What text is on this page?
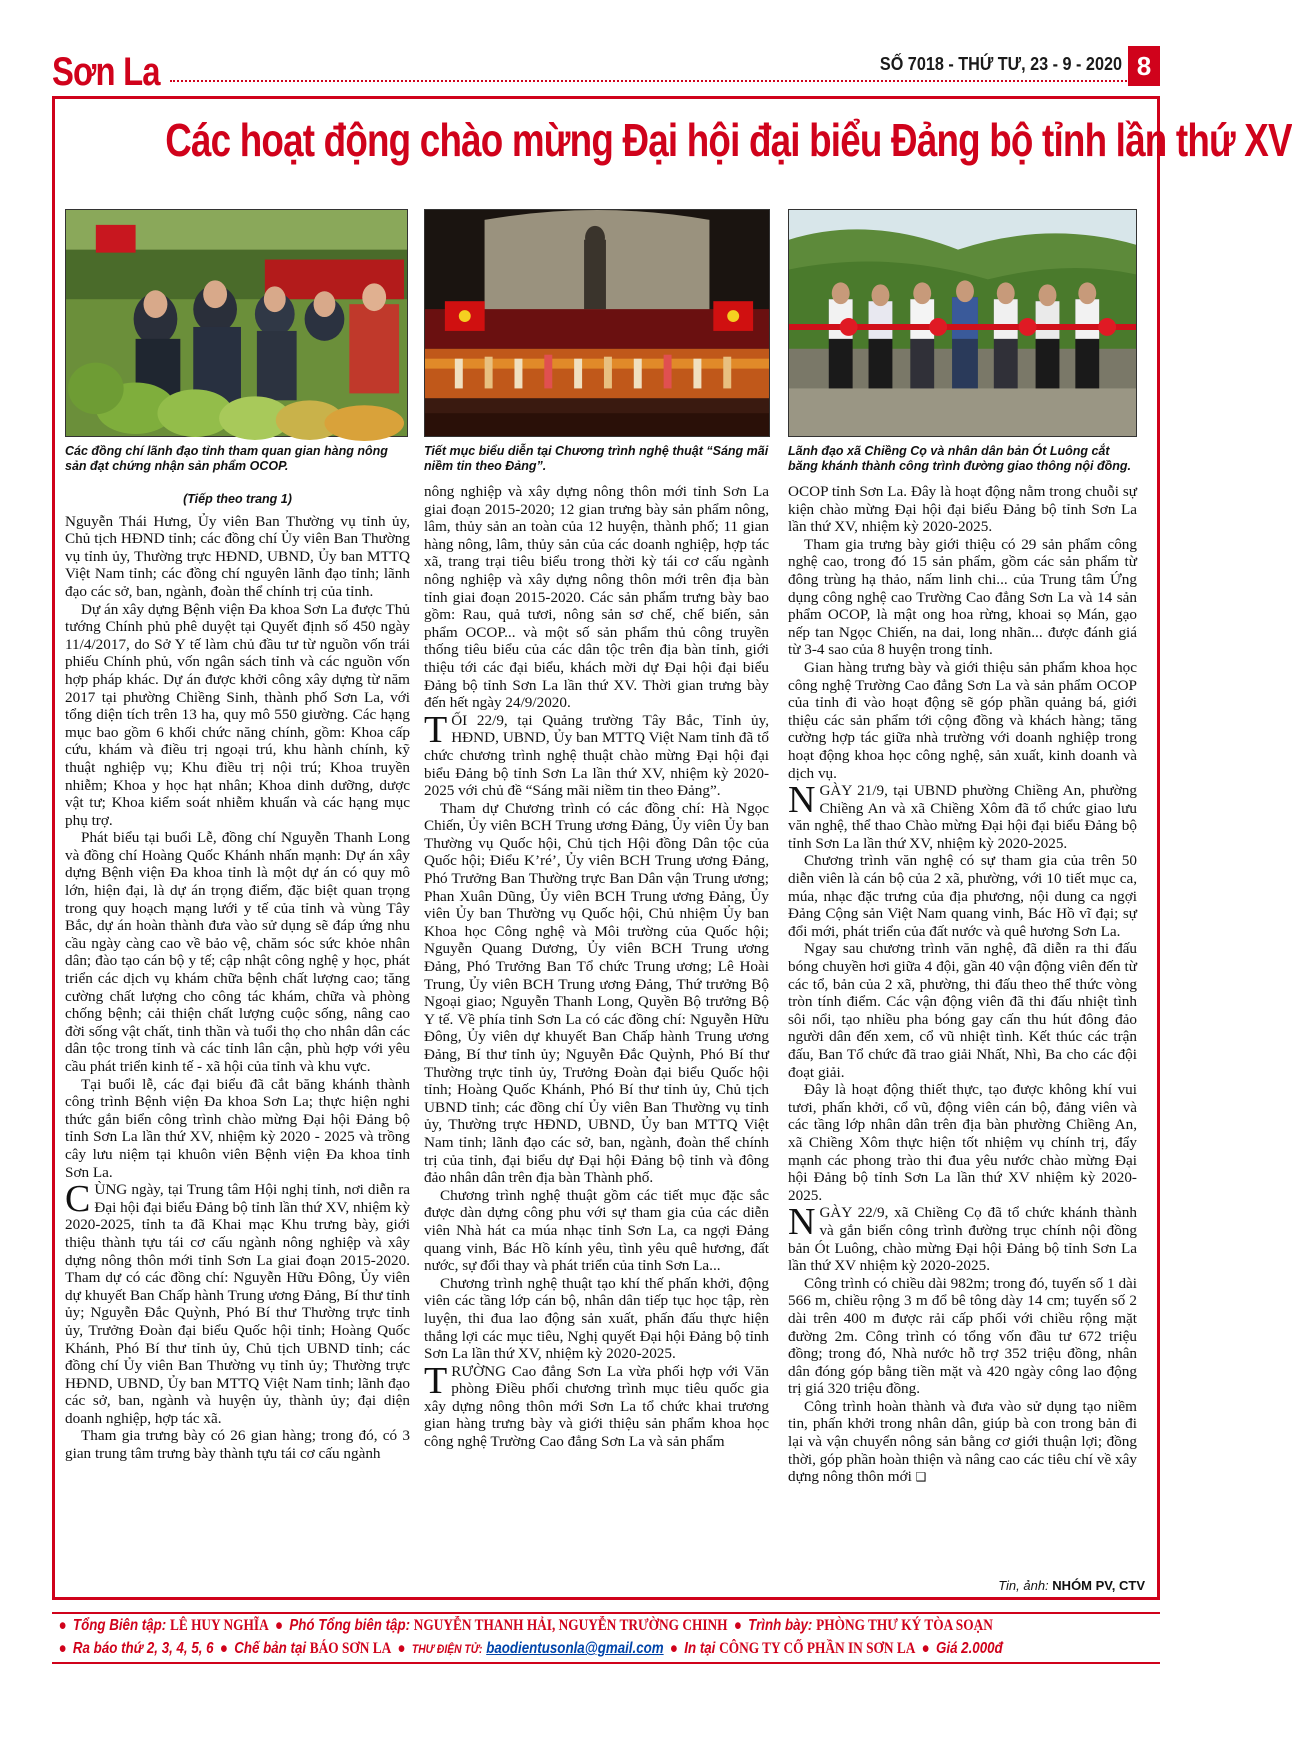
Sơn La	SỐ 7018 - THỨ TƯ, 23 - 9 - 2020 8
Các hoạt động chào mừng Đại hội đại biểu Đảng bộ tỉnh lần thứ XV
Các đồng chí lãnh đạo tỉnh tham quan gian hàng nông sản đạt chứng nhận sản phẩm OCOP.
Tiết mục biểu diễn tại Chương trình nghệ thuật “Sáng mãi niềm tin theo Đảng”.
Lãnh đạo xã Chiềng Cọ và nhân dân bản Ót Luông cắt băng khánh thành công trình đường giao thông nội đồng.
(Tiếp theo trang 1)

Nguyễn Thái Hưng, Ủy viên Ban Thường vụ tỉnh ủy, Chủ tịch HĐND tỉnh; các đồng chí Ủy viên Ban Thường vụ tỉnh ủy, Thường trực HĐND, UBND, Ủy ban MTTQ Việt Nam tỉnh; các đồng chí nguyên lãnh đạo tỉnh; lãnh đạo các sở, ban, ngành, đoàn thể chính trị của tỉnh.

Dự án xây dựng Bệnh viện Đa khoa Sơn La được Thủ tướng Chính phủ phê duyệt tại Quyết định số 450 ngày 11/4/2017, do Sở Y tế làm chủ đầu tư từ nguồn vốn trái phiếu Chính phủ, vốn ngân sách tỉnh và các nguồn vốn hợp pháp khác. Dự án được khởi công xây dựng từ năm 2017 tại phường Chiềng Sinh, thành phố Sơn La, với tổng diện tích trên 13 ha, quy mô 550 giường. Các hạng mục bao gồm 6 khối chức năng chính, gồm: Khoa cấp cứu, khám và điều trị ngoại trú, khu hành chính, kỹ thuật nghiệp vụ; Khu điều trị nội trú; Khoa truyền nhiễm; Khoa y học hạt nhân; Khoa dinh dưỡng, dược vật tư; Khoa kiểm soát nhiễm khuẩn và các hạng mục phụ trợ.

Phát biểu tại buổi Lễ, đồng chí Nguyễn Thanh Long và đồng chí Hoàng Quốc Khánh nhấn mạnh: Dự án xây dựng Bệnh viện Đa khoa tỉnh là một dự án có quy mô lớn, hiện đại, là dự án trọng điểm, đặc biệt quan trọng trong quy hoạch mạng lưới y tế của tỉnh và vùng Tây Bắc, dự án hoàn thành đưa vào sử dụng sẽ đáp ứng nhu cầu ngày càng cao về bảo vệ, chăm sóc sức khỏe nhân dân; đào tạo cán bộ y tế; cập nhật công nghệ y học, phát triển các dịch vụ khám chữa bệnh chất lượng cao; tăng cường chất lượng cho công tác khám, chữa và phòng chống bệnh; cải thiện chất lượng cuộc sống, nâng cao đời sống vật chất, tinh thần và tuổi thọ cho nhân dân các dân tộc trong tỉnh và các tỉnh lân cận, phù hợp với yêu cầu phát triển kinh tế - xã hội của tỉnh và khu vực.

Tại buổi lễ, các đại biểu đã cắt băng khánh thành công trình Bệnh viện Đa khoa Sơn La; thực hiện nghi thức gắn biển công trình chào mừng Đại hội Đảng bộ tỉnh Sơn La lần thứ XV, nhiệm kỳ 2020 - 2025 và trồng cây lưu niệm tại khuôn viên Bệnh viện Đa khoa tỉnh Sơn La.

CÙNG ngày, tại Trung tâm Hội nghị tỉnh, nơi diễn ra Đại hội đại biểu Đảng bộ tỉnh lần thứ XV, nhiệm kỳ 2020-2025, tỉnh ta đã Khai mạc Khu trưng bày, giới thiệu thành tựu tái cơ cấu ngành nông nghiệp và xây dựng nông thôn mới tỉnh Sơn La giai đoạn 2015-2020. Tham dự có các đồng chí: Nguyễn Hữu Đông, Ủy viên dự khuyết Ban Chấp hành Trung ương Đảng, Bí thư tỉnh ủy; Nguyễn Đắc Quỳnh, Phó Bí thư Thường trực tỉnh ủy, Trưởng Đoàn đại biểu Quốc hội tỉnh; Hoàng Quốc Khánh, Phó Bí thư tỉnh ủy, Chủ tịch UBND tỉnh; các đồng chí Ủy viên Ban Thường vụ tỉnh ủy; Thường trực HĐND, UBND, Ủy ban MTTQ Việt Nam tỉnh; lãnh đạo các sở, ban, ngành và huyện ủy, thành ủy; đại diện doanh nghiệp, hợp tác xã.

Tham gia trưng bày có 26 gian hàng; trong đó, có 3 gian trung tâm trưng bày thành tựu tái cơ cấu ngành

nông nghiệp và xây dựng nông thôn mới tỉnh Sơn La giai đoạn 2015-2020; 12 gian trưng bày sản phẩm nông, lâm, thủy sản an toàn của 12 huyện, thành phố; 11 gian hàng nông, lâm, thủy sản của các doanh nghiệp, hợp tác xã, trang trại tiêu biểu trong thời kỳ tái cơ cấu ngành nông nghiệp và xây dựng nông thôn mới trên địa bàn tỉnh giai đoạn 2015-2020. Các sản phẩm trưng bày bao gồm: Rau, quả tươi, nông sản sơ chế, chế biến, sản phẩm OCOP... và một số sản phẩm thủ công truyền thống tiêu biểu của các dân tộc trên địa bàn tỉnh, giới thiệu tới các đại biểu, khách mời dự Đại hội đại biểu Đảng bộ tỉnh Sơn La lần thứ XV. Thời gian trưng bày đến hết ngày 24/9/2020.

TỐI 22/9, tại Quảng trường Tây Bắc, Tỉnh ủy, HĐND, UBND, Ủy ban MTTQ Việt Nam tỉnh đã tổ chức chương trình nghệ thuật chào mừng Đại hội đại biểu Đảng bộ tỉnh Sơn La lần thứ XV, nhiệm kỳ 2020-2025 với chủ đề “Sáng mãi niềm tin theo Đảng”.

Tham dự Chương trình có các đồng chí: Hà Ngọc Chiến, Ủy viên BCH Trung ương Đảng, Ủy viên Ủy ban Thường vụ Quốc hội, Chủ tịch Hội đồng Dân tộc của Quốc hội; Điểu K’ré’, Ủy viên BCH Trung ương Đảng, Phó Trưởng Ban Thường trực Ban Dân vận Trung ương; Phan Xuân Dũng, Ủy viên BCH Trung ương Đảng, Ủy viên Ủy ban Thường vụ Quốc hội, Chủ nhiệm Ủy ban Khoa học Công nghệ và Môi trường của Quốc hội; Nguyễn Quang Dương, Ủy viên BCH Trung ương Đảng, Phó Trưởng Ban Tổ chức Trung ương; Lê Hoài Trung, Ủy viên BCH Trung ương Đảng, Thứ trưởng Bộ Ngoại giao; Nguyễn Thanh Long, Quyền Bộ trưởng Bộ Y tế. Về phía tỉnh Sơn La có các đồng chí: Nguyễn Hữu Đông, Ủy viên dự khuyết Ban Chấp hành Trung ương Đảng, Bí thư tỉnh ủy; Nguyễn Đắc Quỳnh, Phó Bí thư Thường trực tỉnh ủy, Trưởng Đoàn đại biểu Quốc hội tỉnh; Hoàng Quốc Khánh, Phó Bí thư tỉnh ủy, Chủ tịch UBND tỉnh; các đồng chí Ủy viên Ban Thường vụ tỉnh ủy, Thường trực HĐND, UBND, Ủy ban MTTQ Việt Nam tỉnh; lãnh đạo các sở, ban, ngành, đoàn thể chính trị của tỉnh, đại biểu dự Đại hội Đảng bộ tỉnh và đông đảo nhân dân trên địa bàn Thành phố.

Chương trình nghệ thuật gồm các tiết mục đặc sắc được dàn dựng công phu với sự tham gia của các diễn viên Nhà hát ca múa nhạc tỉnh Sơn La, ca ngợi Đảng quang vinh, Bác Hồ kính yêu, tình yêu quê hương, đất nước, sự đổi thay và phát triển của tỉnh Sơn La...

Chương trình nghệ thuật tạo khí thế phấn khởi, động viên các tầng lớp cán bộ, nhân dân tiếp tục học tập, rèn luyện, thi đua lao động sản xuất, phấn đấu thực hiện thắng lợi các mục tiêu, Nghị quyết Đại hội Đảng bộ tỉnh Sơn La lần thứ XV, nhiệm kỳ 2020-2025.

TRƯỜNG Cao đẳng Sơn La vừa phối hợp với Văn phòng Điều phối chương trình mục tiêu quốc gia xây dựng nông thôn mới Sơn La tổ chức khai trương gian hàng trưng bày và giới thiệu sản phẩm khoa học công nghệ Trường Cao đẳng Sơn La và sản phẩm

OCOP tỉnh Sơn La. Đây là hoạt động nằm trong chuỗi sự kiện chào mừng Đại hội đại biểu Đảng bộ tỉnh Sơn La lần thứ XV, nhiệm kỳ 2020-2025.

Tham gia trưng bày giới thiệu có 29 sản phẩm công nghệ cao, trong đó 15 sản phẩm, gồm các sản phẩm từ đông trùng hạ thảo, nấm linh chi... của Trung tâm Ứng dụng công nghệ cao Trường Cao đẳng Sơn La và 14 sản phẩm OCOP, là mật ong hoa rừng, khoai sọ Mán, gạo nếp tan Ngọc Chiến, na dai, long nhãn... được đánh giá từ 3-4 sao của 8 huyện trong tỉnh.

Gian hàng trưng bày và giới thiệu sản phẩm khoa học công nghệ Trường Cao đẳng Sơn La và sản phẩm OCOP của tỉnh đi vào hoạt động sẽ góp phần quảng bá, giới thiệu các sản phẩm tới cộng đồng và khách hàng; tăng cường hợp tác giữa nhà trường với doanh nghiệp trong hoạt động khoa học công nghệ, sản xuất, kinh doanh và dịch vụ.

NGÀY 21/9, tại UBND phường Chiềng An, phường Chiềng An và xã Chiềng Xôm đã tổ chức giao lưu văn nghệ, thể thao Chào mừng Đại hội đại biểu Đảng bộ tỉnh Sơn La lần thứ XV, nhiệm kỳ 2020-2025.

Chương trình văn nghệ có sự tham gia của trên 50 diễn viên là cán bộ của 2 xã, phường, với 10 tiết mục ca, múa, nhạc đặc trưng của địa phương, nội dung ca ngợi Đảng Cộng sản Việt Nam quang vinh, Bác Hồ vĩ đại; sự đổi mới, phát triển của đất nước và quê hương Sơn La.

Ngay sau chương trình văn nghệ, đã diễn ra thi đấu bóng chuyền hơi giữa 4 đội, gần 40 vận động viên đến từ các tổ, bản của 2 xã, phường, thi đấu theo thể thức vòng tròn tính điểm. Các vận động viên đã thi đấu nhiệt tình sôi nổi, tạo nhiều pha bóng gay cấn thu hút đông đảo người dân đến xem, cổ vũ nhiệt tình. Kết thúc các trận đấu, Ban Tổ chức đã trao giải Nhất, Nhì, Ba cho các đội đoạt giải.

Đây là hoạt động thiết thực, tạo được không khí vui tươi, phấn khởi, cổ vũ, động viên cán bộ, đảng viên và các tầng lớp nhân dân trên địa bàn phường Chiềng An, xã Chiềng Xôm thực hiện tốt nhiệm vụ chính trị, đẩy mạnh các phong trào thi đua yêu nước chào mừng Đại hội Đảng bộ tỉnh Sơn La lần thứ XV nhiệm kỳ 2020-2025.

NGÀY 22/9, xã Chiềng Cọ đã tổ chức khánh thành và gắn biển công trình đường trục chính nội đồng bản Ót Luông, chào mừng Đại hội Đảng bộ tỉnh Sơn La lần thứ XV nhiệm kỳ 2020-2025.

Công trình có chiều dài 982m; trong đó, tuyến số 1 dài 566 m, chiều rộng 3 m đổ bê tông dày 14 cm; tuyến số 2 dài trên 400 m được rải cấp phối với chiều rộng mặt đường 2m. Công trình có tổng vốn đầu tư 672 triệu đồng; trong đó, Nhà nước hỗ trợ 352 triệu đồng, nhân dân đóng góp bằng tiền mặt và 420 ngày công lao động trị giá 320 triệu đồng.

Công trình hoàn thành và đưa vào sử dụng tạo niềm tin, phấn khởi trong nhân dân, giúp bà con trong bản đi lại và vận chuyển nông sản bằng cơ giới thuận lợi; đồng thời, góp phần hoàn thiện và nâng cao các tiêu chí về xây dựng nông thôn mới ❑

Tin, ảnh: NHÓM PV, CTV
● Tổng Biên tập: LÊ HUY NGHĨA ● Phó Tổng biên tập: NGUYỄN THANH HẢI, NGUYỄN TRƯỜNG CHINH ● Trình bày: PHÒNG THƯ KÝ TÒA SOẠN
● Ra báo thứ 2, 3, 4, 5, 6 ● Chế bản tại BÁO SƠN LA ● THƯ ĐIỆN TỬ: baodientusonla@gmail.com ● In tại CÔNG TY CỔ PHẦN IN SƠN LA ● Giá 2.000đ
